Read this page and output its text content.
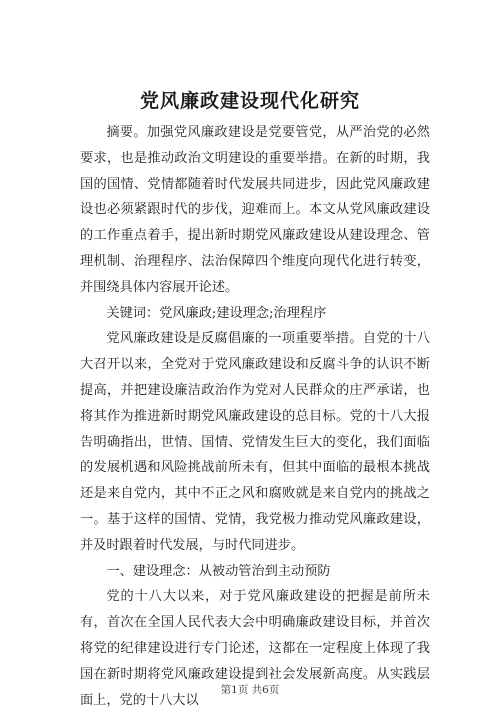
党风廉政建设现代化研究

摘要。加强党风廉政建设是党要管党，从严治党的必然要求，也是推动政治文明建设的重要举措。在新的时期，我国的国情、党情都随着时代发展共同进步，因此党风廉政建设也必须紧跟时代的步伐，迎难而上。本文从党风廉政建设的工作重点着手，提出新时期党风廉政建设从建设理念、管理机制、治理程序、法治保障四个维度向现代化进行转变，并围绕具体内容展开论述。

关键词：党风廉政;建设理念;治理程序

党风廉政建设是反腐倡廉的一项重要举措。自党的十八大召开以来，全党对于党风廉政建设和反腐斗争的认识不断提高，并把建设廉洁政治作为党对人民群众的庄严承诺，也将其作为推进新时期党风廉政建设的总目标。党的十八大报告明确指出，世情、国情、党情发生巨大的变化，我们面临的发展机遇和风险挑战前所未有，但其中面临的最根本挑战还是来自党内，其中不正之风和腐败就是来自党内的挑战之一。基于这样的国情、党情，我党极力推动党风廉政建设，并及时跟着时代发展，与时代同进步。

一、建设理念：从被动管治到主动预防

党的十八大以来，对于党风廉政建设的把握是前所未有，首次在全国人民代表大会中明确廉政建设目标，并首次将党的纪律建设进行专门论述，这都在一定程度上体现了我国在新时期将党风廉政建设提到社会发展新高度。从实践层面上，党的十八大以

第1页 共6页
